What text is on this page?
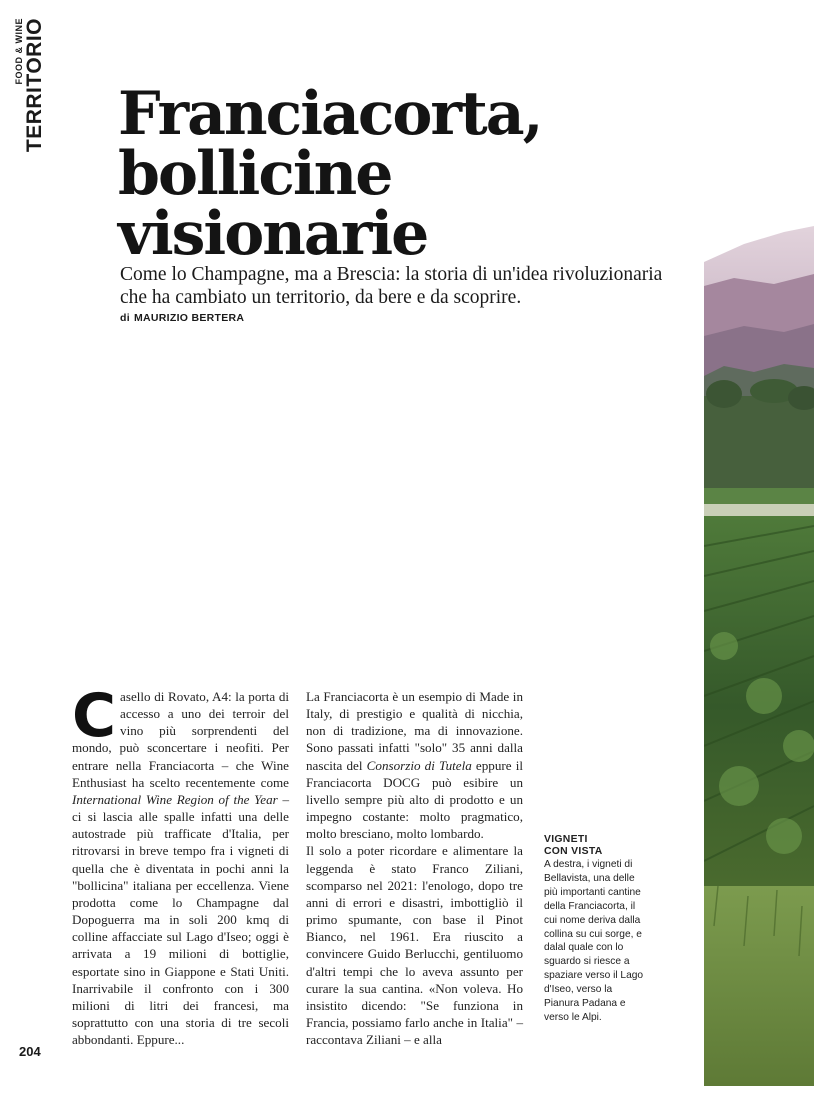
FOOD & WINE TERRITORIO Franciacorta,
bollicine
visionarie

Come lo Champagne, ma a Brescia: la storia di un'idea rivoluzionaria che ha cambiato un territorio, da bere e da scoprire.

di MAURIZIO BERTERA

Casello di Rovato, A4: la porta di accesso a uno dei terroir del vino più sorprendenti del mondo, può sconcertare i neofiti. Per entrare nella Franciacorta – che Wine Enthusiast ha scelto recentemente come International Wine Region of the Year – ci si lascia alle spalle infatti una delle autostrade più trafficate d'Italia, per ritrovarsi in breve tempo fra i vigneti di quella che è diventata in pochi anni la "bollicina" italiana per eccellenza. Viene prodotta come lo Champagne dal Dopoguerra ma in soli 200 kmq di colline affacciate sul Lago d'Iseo; oggi è arrivata a 19 milioni di bottiglie, esportate sino in Giappone e Stati Uniti. Inarrivabile il confronto con i 300 milioni di litri dei francesi, ma soprattutto con una storia di tre secoli abbondanti. Eppure...

La Franciacorta è un esempio di Made in Italy, di prestigio e qualità di nicchia, non di tradizione, ma di innovazione. Sono passati infatti "solo" 35 anni dalla nascita del Consorzio di Tutela eppure il Franciacorta DOCG può esibire un livello sempre più alto di prodotto e un impegno costante: molto pragmatico, molto bresciano, molto lombardo.

Il solo a poter ricordare e alimentare la leggenda è stato Franco Ziliani, scomparso nel 2021: l'enologo, dopo tre anni di errori e disastri, imbottigliò il primo spumante, con base il Pinot Bianco, nel 1961. Era riuscito a convincere Guido Berlucchi, gentiluomo d'altri tempi che lo aveva assunto per curare la sua cantina. «Non voleva. Ho insistito dicendo: "Se funziona in Francia, possiamo farlo anche in Italia" – raccontava Ziliani – e alla

VIGNETI
CON VISTA
A destra, i vigneti di Bellavista, una delle più importanti cantine della Franciacorta, il cui nome deriva dalla collina su cui sorge, e dalal quale con lo sguardo si riesce a spaziare verso il Lago d'Iseo, verso la Pianura Padana e verso le Alpi.

204
